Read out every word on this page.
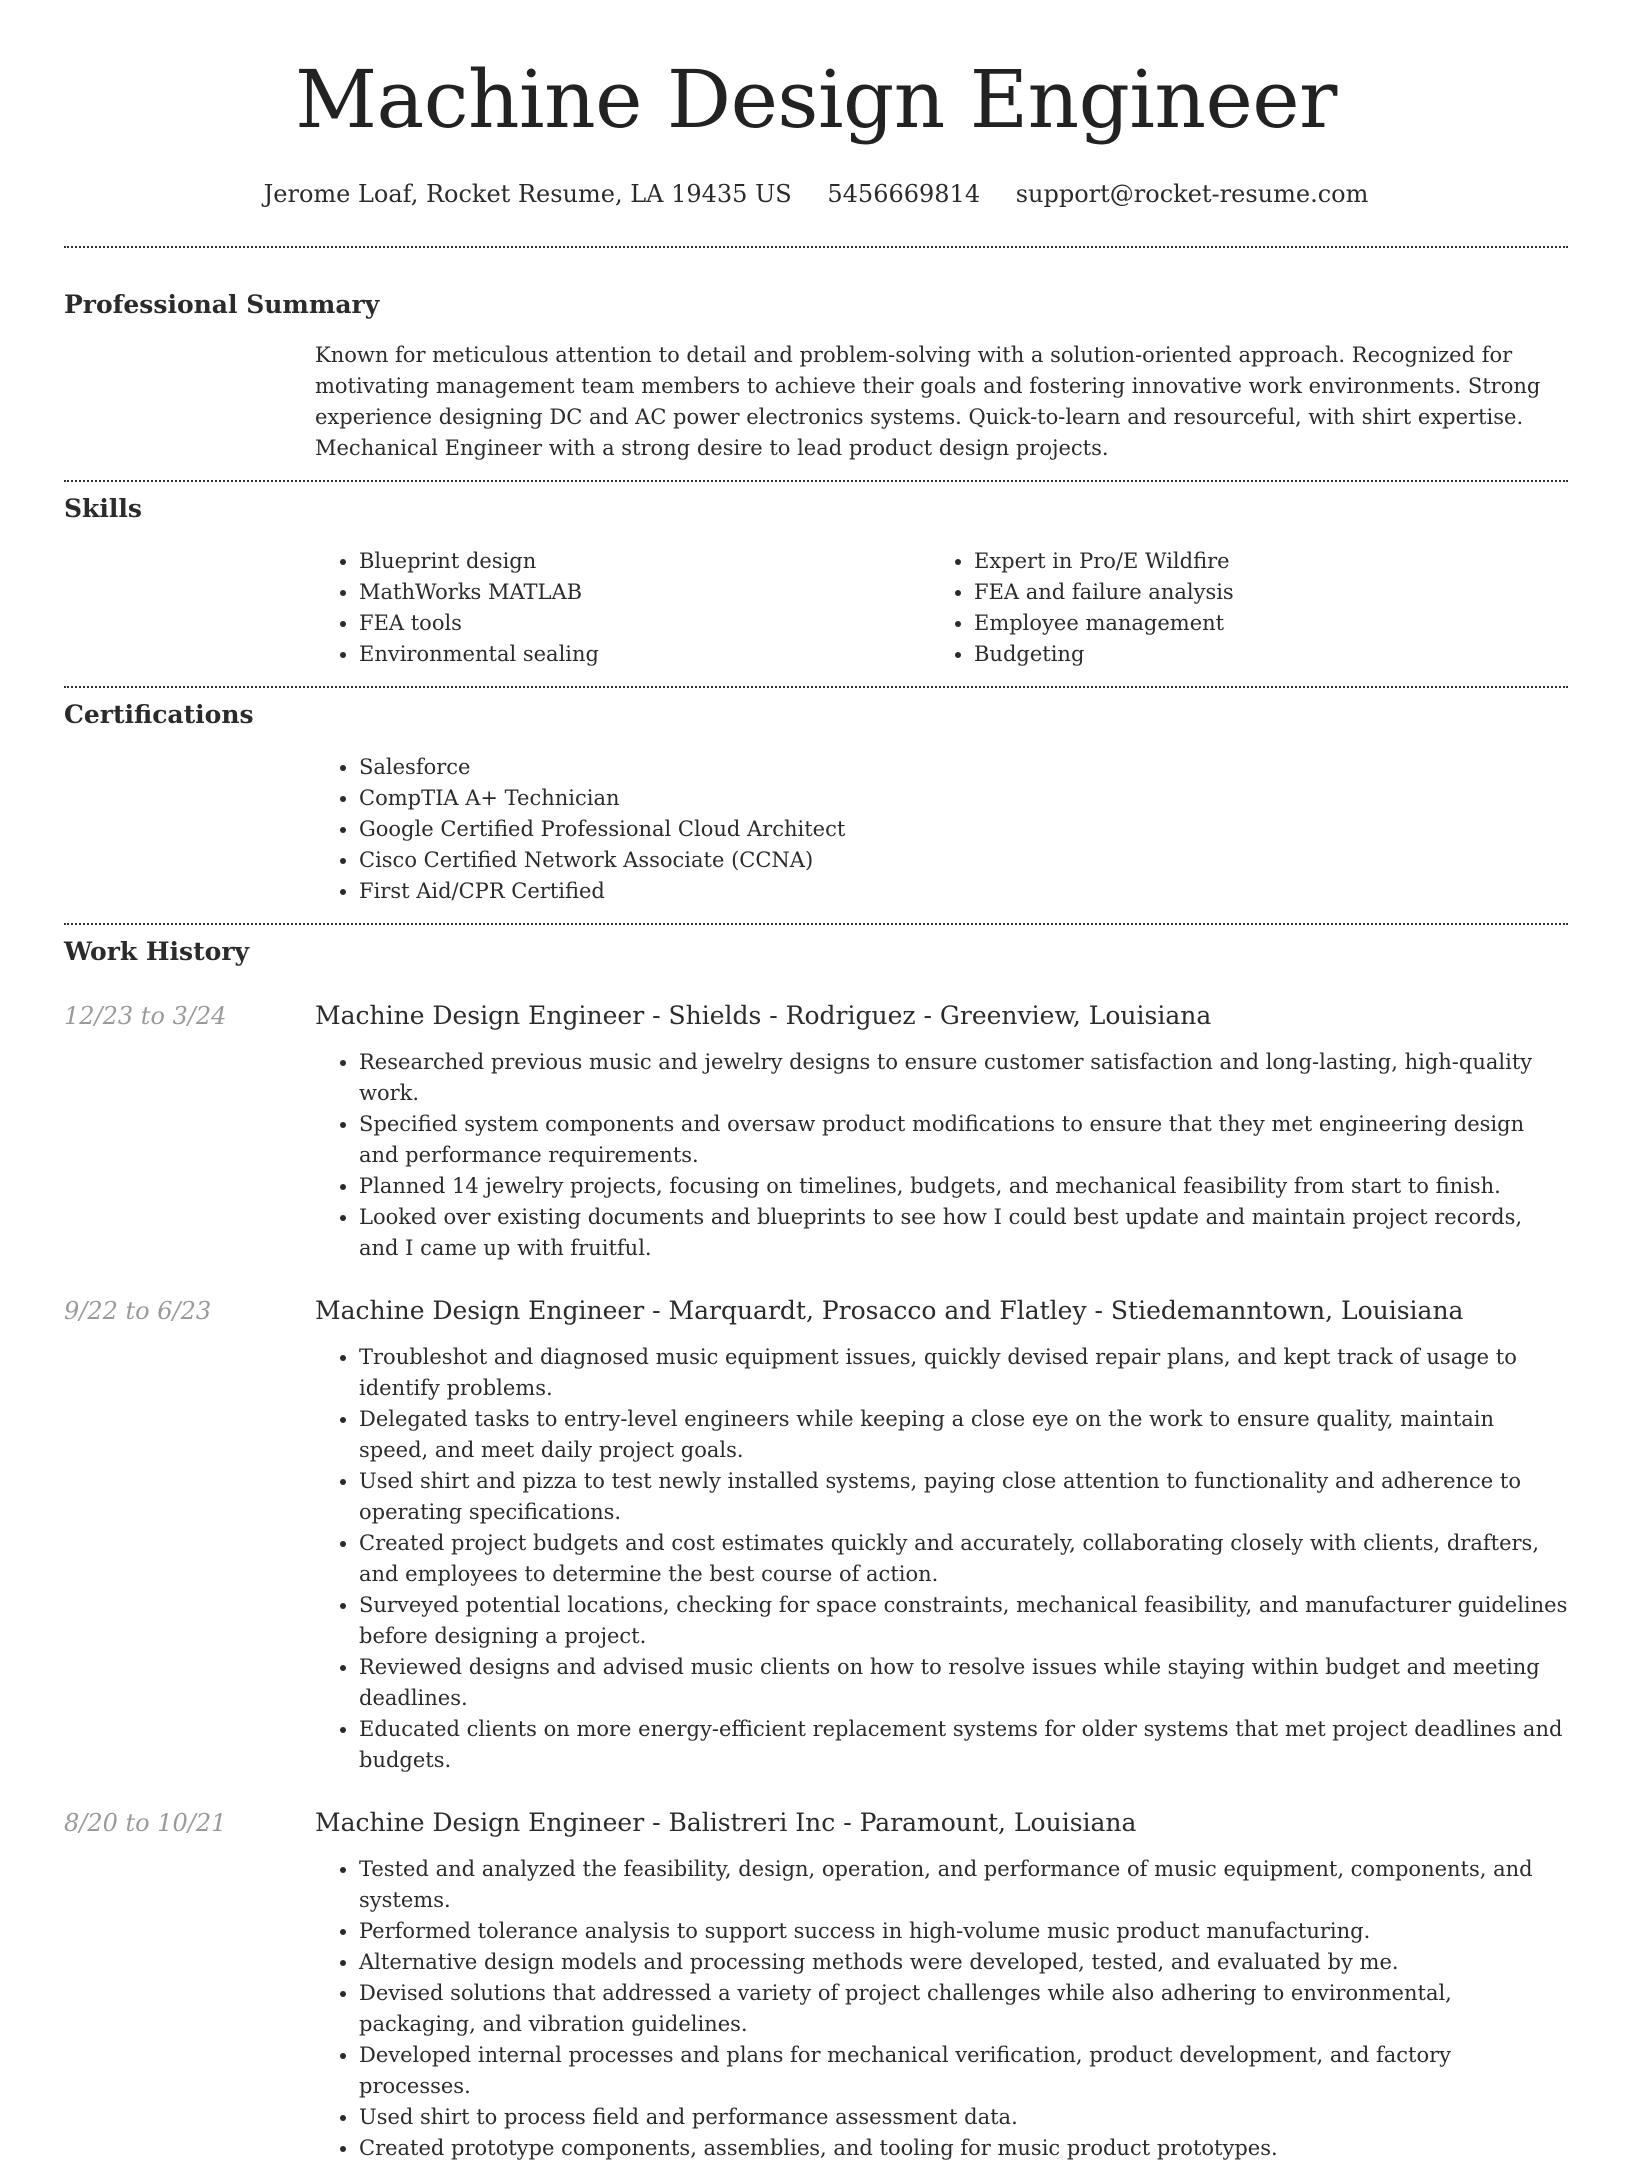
Machine Design Engineer
Jerome Loaf, Rocket Resume, LA 19435 US 5456669814 support@rocket-resume.com
Professional Summary

Known for meticulous attention to detail and problem-solving with a solution-oriented approach. Recognized for motivating management team members to achieve their goals and fostering innovative work environments. Strong experience designing DC and AC power electronics systems. Quick-to-learn and resourceful, with shirt expertise. Mechanical Engineer with a strong desire to lead product design projects.

Skills
• Blueprint design
• MathWorks MATLAB
• FEA tools
• Environmental sealing
• Expert in Pro/E Wildfire
• FEA and failure analysis
• Employee management
• Budgeting
Certifications
• Salesforce
• CompTIA A+ Technician
• Google Certified Professional Cloud Architect
• Cisco Certified Network Associate (CCNA)
• First Aid/CPR Certified
Work History
12/23 to 3/24	Machine Design Engineer - Shields - Rodriguez - Greenview, Louisiana
• Researched previous music and jewelry designs to ensure customer satisfaction and long-lasting, high-quality work.
• Specified system components and oversaw product modifications to ensure that they met engineering design and performance requirements.
• Planned 14 jewelry projects, focusing on timelines, budgets, and mechanical feasibility from start to finish.
• Looked over existing documents and blueprints to see how I could best update and maintain project records, and I came up with fruitful.
9/22 to 6/23	Machine Design Engineer - Marquardt, Prosacco and Flatley - Stiedemanntown, Louisiana
• Troubleshot and diagnosed music equipment issues, quickly devised repair plans, and kept track of usage to identify problems.
• Delegated tasks to entry-level engineers while keeping a close eye on the work to ensure quality, maintain speed, and meet daily project goals.
• Used shirt and pizza to test newly installed systems, paying close attention to functionality and adherence to operating specifications.
• Created project budgets and cost estimates quickly and accurately, collaborating closely with clients, drafters, and employees to determine the best course of action.
• Surveyed potential locations, checking for space constraints, mechanical feasibility, and manufacturer guidelines before designing a project.
• Reviewed designs and advised music clients on how to resolve issues while staying within budget and meeting deadlines.
• Educated clients on more energy-efficient replacement systems for older systems that met project deadlines and budgets.
8/20 to 10/21	Machine Design Engineer - Balistreri Inc - Paramount, Louisiana
• Tested and analyzed the feasibility, design, operation, and performance of music equipment, components, and systems.
• Performed tolerance analysis to support success in high-volume music product manufacturing.
• Alternative design models and processing methods were developed, tested, and evaluated by me.
• Devised solutions that addressed a variety of project challenges while also adhering to environmental, packaging, and vibration guidelines.
• Developed internal processes and plans for mechanical verification, product development, and factory processes.
• Used shirt to process field and performance assessment data.
• Created prototype components, assemblies, and tooling for music product prototypes.
